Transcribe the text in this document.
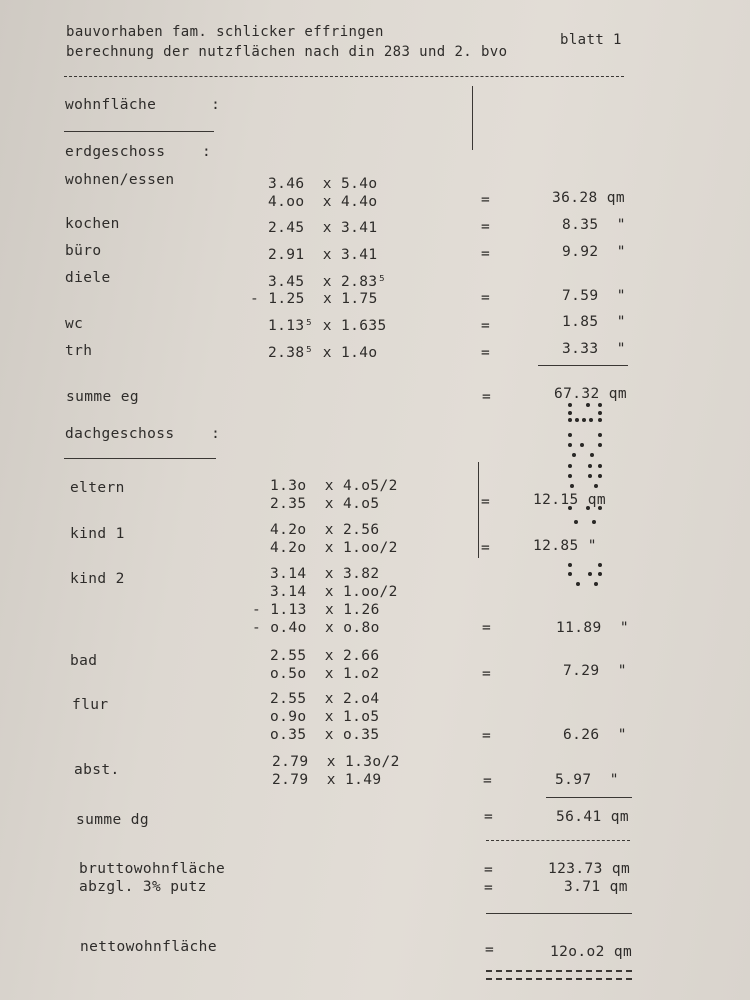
bauvorhaben fam. schlicker effringen
berechnung der nutzflächen nach din 283 und 2. bvo
blatt 1
wohnfläche      :
erdgeschoss    :
wohnen/essen	3.46  x 5.4o
4.oo  x 4.4o	=	36.28 qm
kochen	2.45  x 3.41	=	8.35  "
büro	2.91  x 3.41	=	9.92  "
diele	3.45  x 2.83⁵
- 1.25  x 1.75	=	7.59  "
wc	1.13⁵ x 1.635	=	1.85  "
trh	2.38⁵ x 1.4o	=	3.33  "
summe eg	=	67.32 qm
dachgeschoss    :
eltern	1.3o  x 4.o5/2
2.35  x 4.o5	=	12.15 qm
kind 1	4.2o  x 2.56
4.2o  x 1.oo/2	=	12.85 "
kind 2	3.14  x 3.82
3.14  x 1.oo/2
- 1.13  x 1.26
- o.4o  x o.8o	=	11.89  "
bad	2.55  x 2.66
o.5o  x 1.o2	=	7.29  "
flur	2.55  x 2.o4
o.9o  x 1.o5
o.35  x o.35	=	6.26  "
abst.	2.79  x 1.3o/2
2.79  x 1.49	=	5.97  "
summe dg	=	56.41 qm
bruttowohnfläche	=	123.73 qm
abzgl. 3% putz	=	3.71 qm
nettowohnfläche	=	12o.o2 qm
